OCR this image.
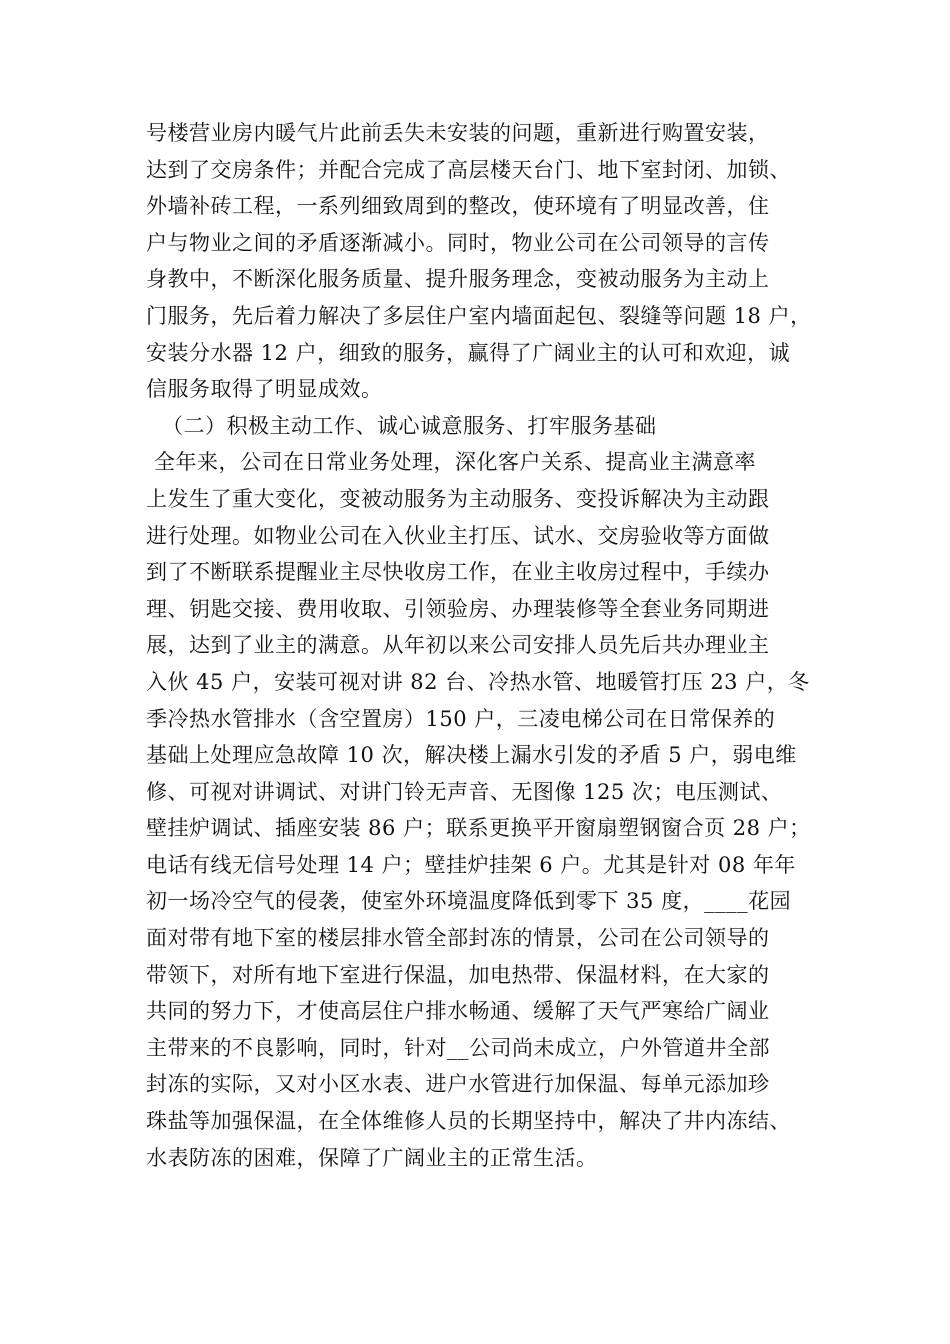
号楼营业房内暖气片此前丢失未安装的问题，重新进行购置安装，
达到了交房条件；并配合完成了高层楼天台门、地下室封闭、加锁、
外墙补砖工程，一系列细致周到的整改，使环境有了明显改善，住
户与物业之间的矛盾逐渐减小。同时，物业公司在公司领导的言传
身教中，不断深化服务质量、提升服务理念，变被动服务为主动上
门服务，先后着力解决了多层住户室内墙面起包、裂缝等问题 18 户，
安装分水器 12 户，细致的服务，赢得了广阔业主的认可和欢迎，诚
信服务取得了明显成效。
（二）积极主动工作、诚心诚意服务、打牢服务基础
全年来，公司在日常业务处理，深化客户关系、提高业主满意率
上发生了重大变化，变被动服务为主动服务、变投诉解决为主动跟
进行处理。如物业公司在入伙业主打压、试水、交房验收等方面做
到了不断联系提醒业主尽快收房工作，在业主收房过程中，手续办
理、钥匙交接、费用收取、引领验房、办理装修等全套业务同期进
展，达到了业主的满意。从年初以来公司安排人员先后共办理业主
入伙 45 户，安装可视对讲 82 台、冷热水管、地暖管打压 23 户，冬
季冷热水管排水（含空置房）150 户，三凌电梯公司在日常保养的
基础上处理应急故障 10 次，解决楼上漏水引发的矛盾 5 户，弱电维
修、可视对讲调试、对讲门铃无声音、无图像 125 次；电压测试、
壁挂炉调试、插座安装 86 户；联系更换平开窗扇塑钢窗合页 28 户；
电话有线无信号处理 14 户；壁挂炉挂架 6 户。尤其是针对 08 年年
初一场冷空气的侵袭，使室外环境温度降低到零下 35 度，____花园
面对带有地下室的楼层排水管全部封冻的情景，公司在公司领导的
带领下，对所有地下室进行保温，加电热带、保温材料，在大家的
共同的努力下，才使高层住户排水畅通、缓解了天气严寒给广阔业
主带来的不良影响，同时，针对__公司尚未成立，户外管道井全部
封冻的实际，又对小区水表、进户水管进行加保温、每单元添加珍
珠盐等加强保温，在全体维修人员的长期坚持中，解决了井内冻结、
水表防冻的困难，保障了广阔业主的正常生活。
